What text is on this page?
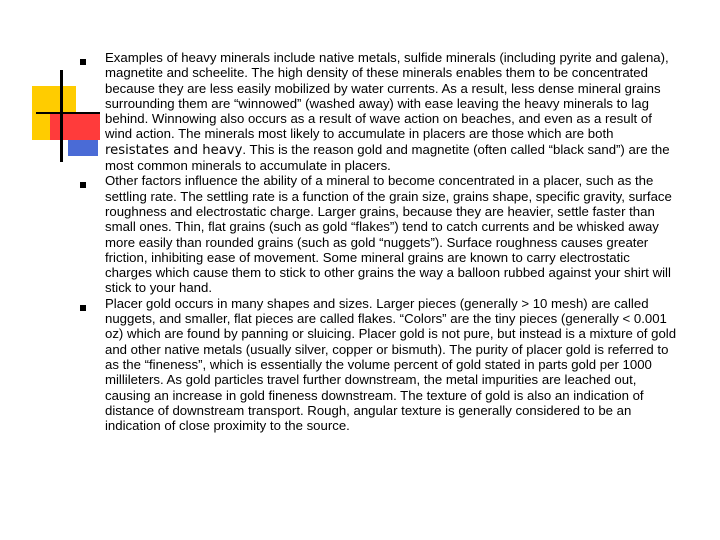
Examples of heavy minerals include native metals, sulfide minerals (including pyrite and galena), magnetite and scheelite. The high density of these minerals enables them to be concentrated because they are less easily mobilized by water currents. As a result, less dense mineral grains surrounding them are “winnowed” (washed away) with ease leaving the heavy minerals to lag behind. Winnowing also occurs as a result of wave action on beaches, and even as a result of wind action. The minerals most likely to accumulate in placers are those which are both resistates and heavy. This is the reason gold and magnetite (often called “black sand”) are the most common minerals to accumulate in placers.
Other factors influence the ability of a mineral to become concentrated in a placer, such as the settling rate. The settling rate is a function of the grain size, grains shape, specific gravity, surface roughness and electrostatic charge. Larger grains, because they are heavier, settle faster than small ones. Thin, flat grains (such as gold “flakes”) tend to catch currents and be whisked away more easily than rounded grains (such as gold “nuggets”). Surface roughness causes greater friction, inhibiting ease of movement. Some mineral grains are known to carry electrostatic charges which cause them to stick to other grains the way a balloon rubbed against your shirt will stick to your hand.
Placer gold occurs in many shapes and sizes. Larger pieces (generally > 10 mesh) are called nuggets, and smaller, flat pieces are called flakes. “Colors” are the tiny pieces (generally < 0.001 oz) which are found by panning or sluicing. Placer gold is not pure, but instead is a mixture of gold and other native metals (usually silver, copper or bismuth). The purity of placer gold is referred to as the “fineness”, which is essentially the volume percent of gold stated in parts gold per 1000 millileters. As gold particles travel further downstream, the metal impurities are leached out, causing an increase in gold fineness downstream. The texture of gold is also an indication of distance of downstream transport. Rough, angular texture is generally considered to be an indication of close proximity to the source.
